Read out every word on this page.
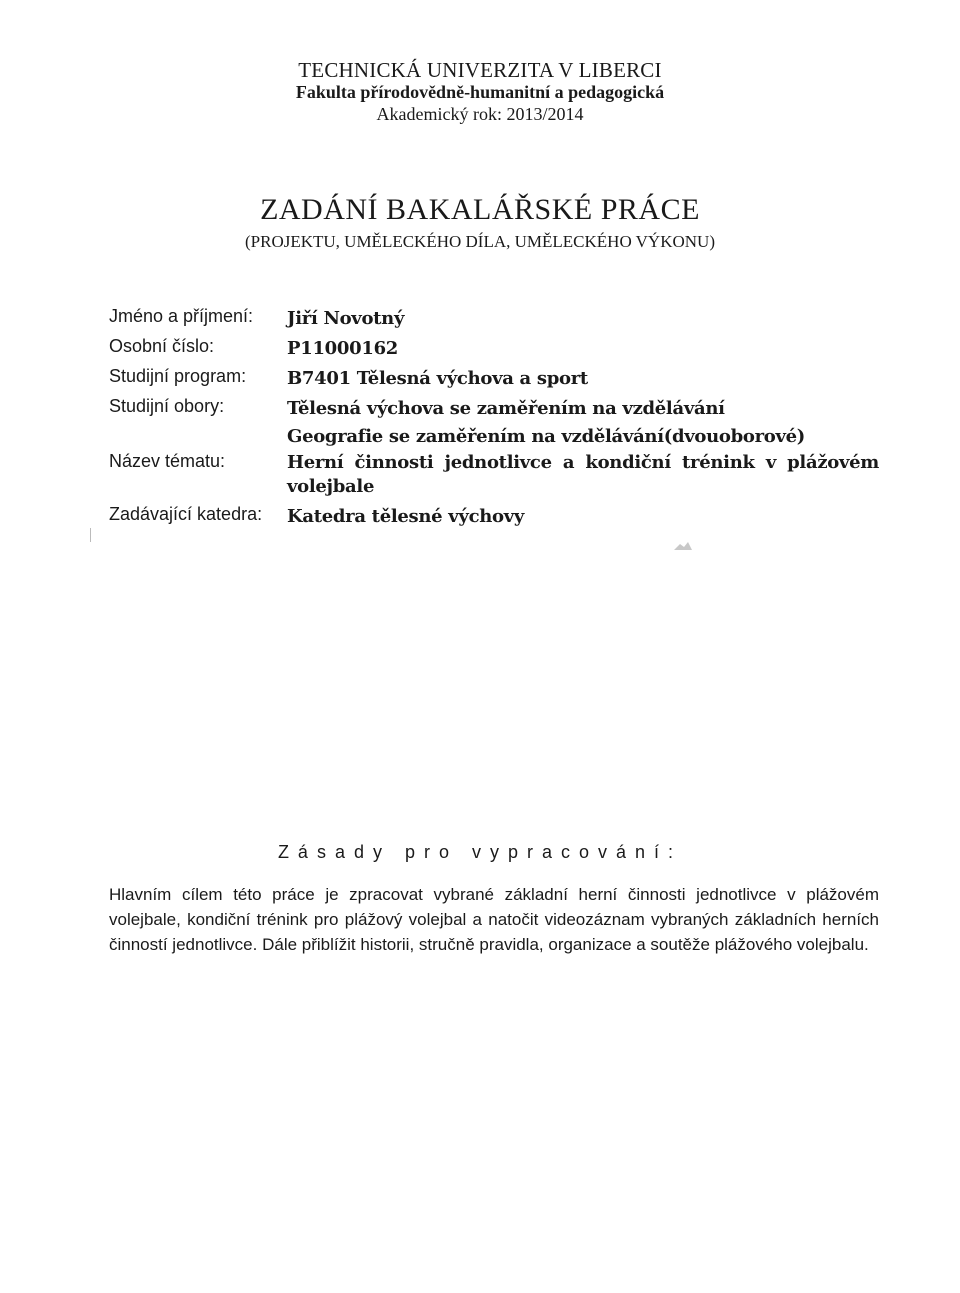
TECHNICKÁ UNIVERZITA V LIBERCI
Fakulta přírodovědně-humanitní a pedagogická
Akademický rok: 2013/2014
ZADÁNÍ BAKALÁŘSKÉ PRÁCE
(PROJEKTU, UMĚLECKÉHO DÍLA, UMĚLECKÉHO VÝKONU)
Jméno a příjmení: Jiří Novotný
Osobní číslo:	P11000162
Studijní program: B7401 Tělesná výchova a sport
Studijní obory:	Tělesná výchova se zaměřením na vzdělávání
Geografie se zaměřením na vzdělávání(dvouoborové)
Název tématu:	Herní činnosti jednotlivce a kondiční trénink v plážovém volejbale
Zadávající katedra: Katedra tělesné výchovy
Zásady pro vypracování:
Hlavním cílem této práce je zpracovat vybrané základní herní činnosti jednotlivce v plážovém volejbale, kondiční trénink pro plážový volejbal a natočit videozáznam vybraných základních herních činností jednotlivce. Dále přiblížit historii, stručně pravidla, organizace a soutěže plážového volejbalu.
